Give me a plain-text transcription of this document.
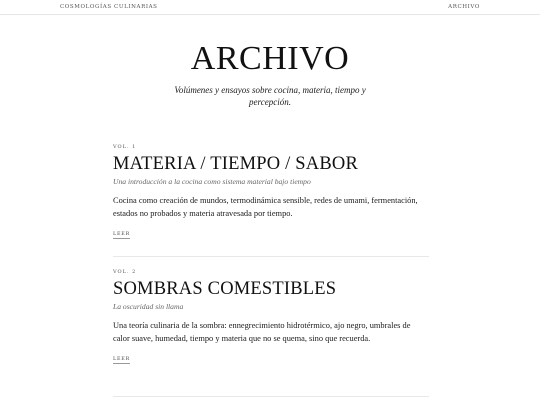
COSMOLOGÍAS CULINARIAS	ARCHIVO
ARCHIVO

Volúmenes y ensayos sobre cocina, materia, tiempo y percepción.

VOL. 1
MATERIA / TIEMPO / SABOR
Una introducción a la cocina como sistema material bajo tiempo

Cocina como creación de mundos, termodinámica sensible, redes de umami, fermentación, estados no probados y materia atravesada por tiempo.

LEER
VOL. 2
SOMBRAS COMESTIBLES
La oscuridad sin llama

Una teoría culinaria de la sombra: ennegrecimiento hidrotérmico, ajo negro, umbrales de calor suave, humedad, tiempo y materia que no se quema, sino que recuerda.

LEER
